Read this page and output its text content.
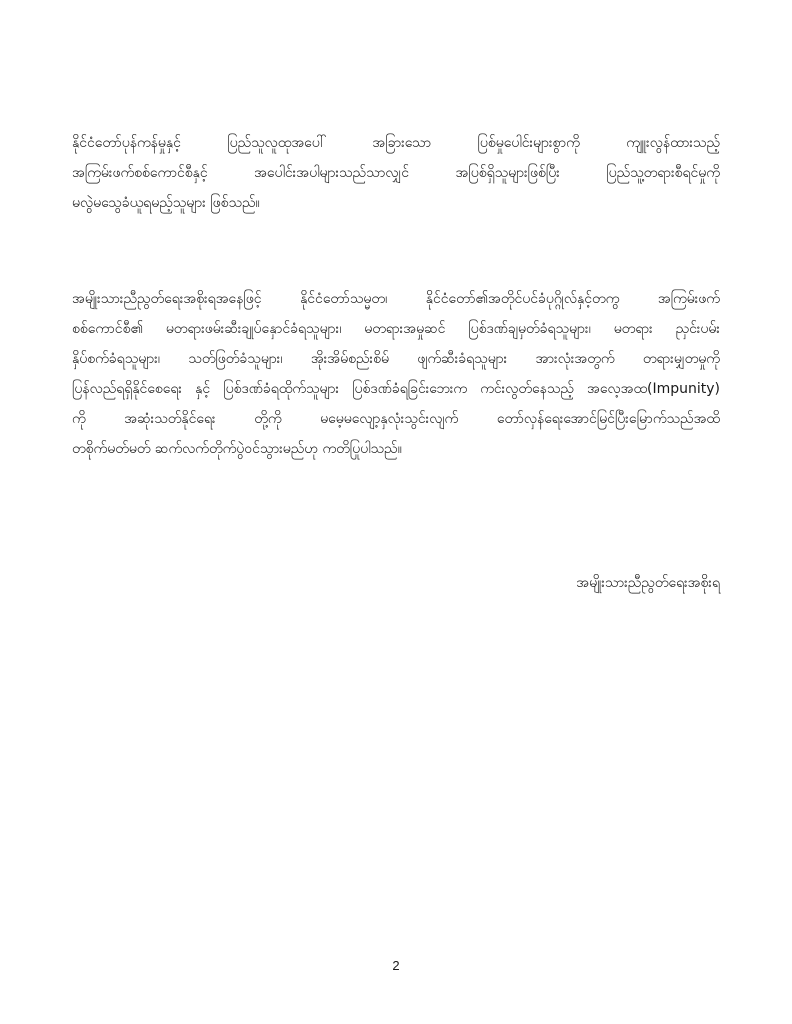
နိုင်ငံတော်ပုန်ကန်မှုနှင့်	ပြည်သူလူထုအပေါ်	အခြားသော	ပြစ်မှုပေါင်းများစွာကို	ကျူးလွန်ထားသည့်
အကြမ်းဖက်စစ်ကောင်စီနှင့်	အပေါင်းအပါများသည်သာလျှင်	အပြစ်ရှိသူများဖြစ်ပြီး	ပြည်သူ့တရားစီရင်မှုကို
မလွဲမသွေခံယူရမည့်သူများ ဖြစ်သည်။
အမျိုးသားညီညွတ်ရေးအစိုးရအနေဖြင့်	နိုင်ငံတော်သမ္မတ၊	နိုင်ငံတော်၏အတိုင်ပင်ခံပုဂ္ဂိုလ်နှင့်တကွ	အကြမ်းဖက်
စစ်ကောင်စီ၏ မတရားဖမ်းဆီးချုပ်နှောင်ခံရသူများ၊ မတရားအမှုဆင် ပြစ်ဒဏ်ချမှတ်ခံရသူများ၊ မတရား ညှင်းပမ်း
နှိပ်စက်ခံရသူများ၊ သတ်ဖြတ်ခံသူများ၊ အိုးအိမ်စည်းစိမ် ဖျက်ဆီးခံရသူများ အားလုံးအတွက် တရားမျှတမှုကို
ပြန်လည်ရရှိနိုင်စေရေး နှင့် ပြစ်ဒဏ်ခံရထိုက်သူများ ပြစ်ဒဏ်ခံရခြင်းဘေးက ကင်းလွတ်နေသည့် အလေ့အထ(Impunity)
ကို	အဆုံးသတ်နိုင်ရေး	တို့ကို	မမေ့မလျော့နှလုံးသွင်းလျက်	တော်လှန်ရေးအောင်မြင်ပြီးမြောက်သည်အထိ
တစိုက်မတ်မတ် ဆက်လက်တိုက်ပွဲဝင်သွားမည်ဟု ကတိပြုပါသည်။

အမျိုးသားညီညွတ်ရေးအစိုးရ

2
